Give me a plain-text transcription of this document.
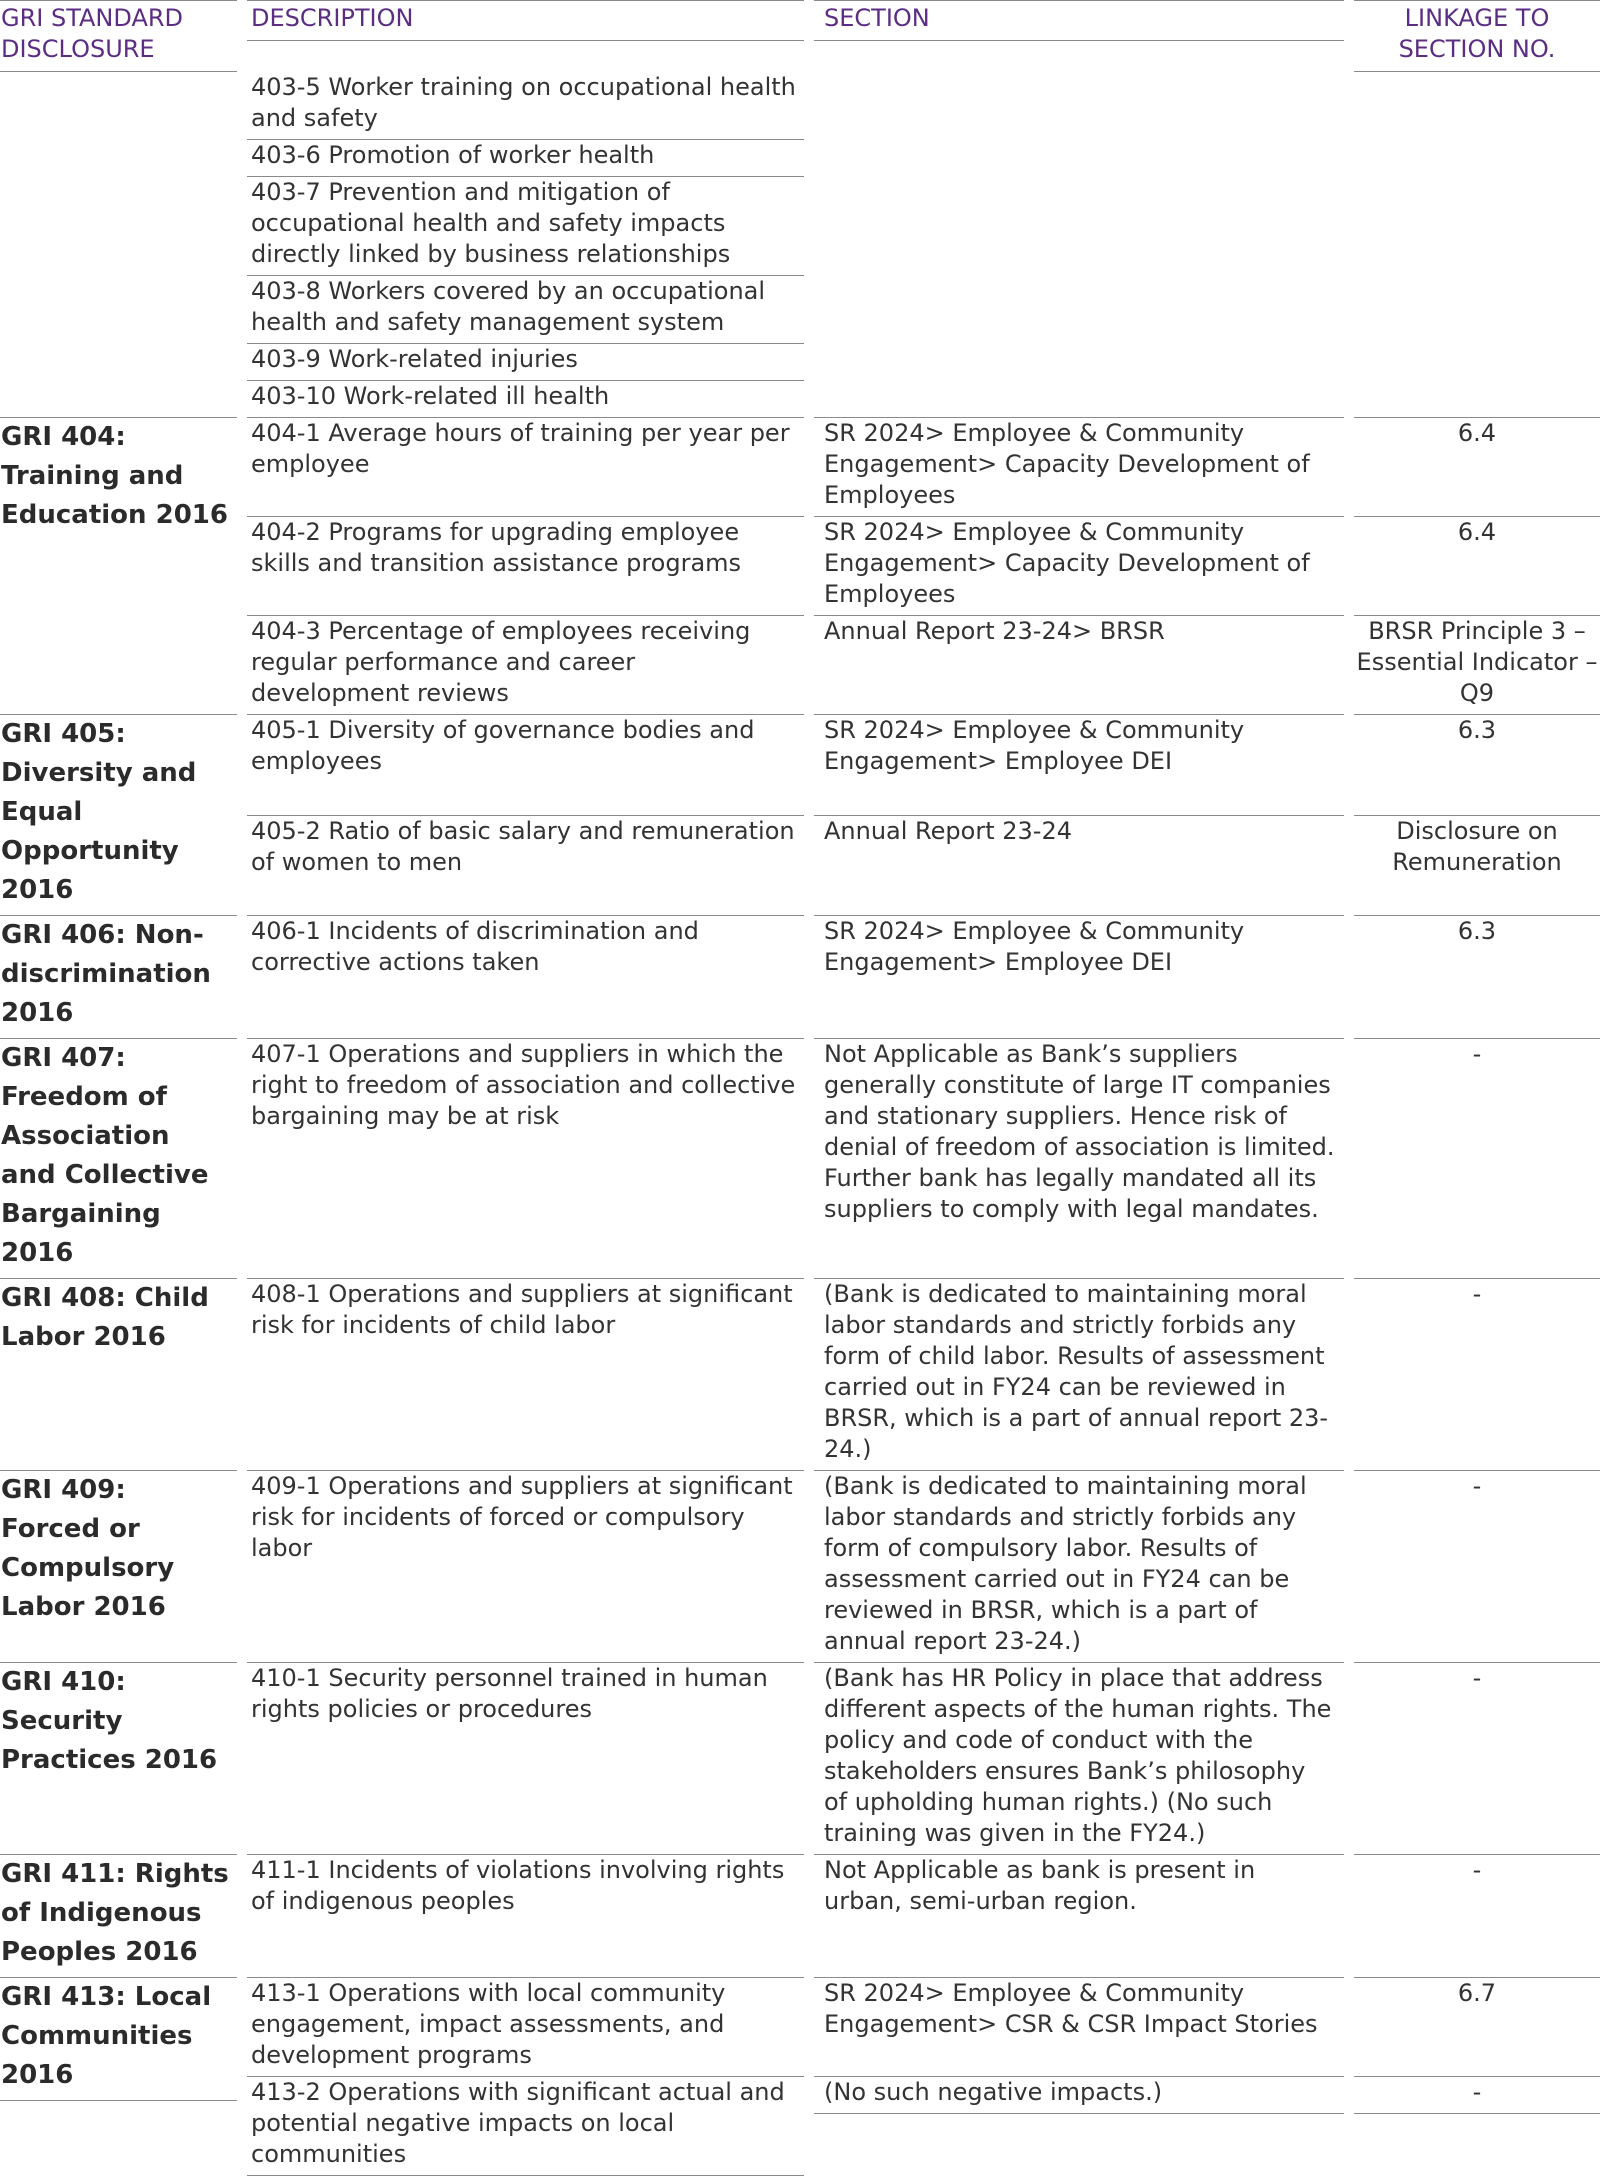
GRI STANDARD DISCLOSURE	DESCRIPTION	SECTION	LINKAGE TO SECTION NO.

	403-5 Worker training on occupational health and safety		

	403-6 Promotion of worker health		

	403-7 Prevention and mitigation of occupational health and safety impacts directly linked by business relationships		

	403-8 Workers covered by an occupational health and safety management system		

	403-9 Work-related injuries		

	403-10 Work-related ill health		

GRI 404: Training and Education 2016	404-1 Average hours of training per year per employee	SR 2024> Employee & Community Engagement> Capacity Development of Employees	6.4

	404-2 Programs for upgrading employee skills and transition assistance programs	SR 2024> Employee & Community Engagement> Capacity Development of Employees	6.4

	404-3 Percentage of employees receiving regular performance and career development reviews	Annual Report 23-24> BRSR	BRSR Principle 3 – Essential Indicator – Q9

GRI 405: Diversity and Equal Opportunity 2016	405-1 Diversity of governance bodies and employees	SR 2024> Employee & Community Engagement> Employee DEI	6.3

	405-2 Ratio of basic salary and remuneration of women to men	Annual Report 23-24	Disclosure on Remuneration

GRI 406: Non-discrimination 2016	406-1 Incidents of discrimination and corrective actions taken	SR 2024> Employee & Community Engagement> Employee DEI	6.3

GRI 407: Freedom of Association and Collective Bargaining 2016	407-1 Operations and suppliers in which the right to freedom of association and collective bargaining may be at risk	Not Applicable as Bank’s suppliers generally constitute of large IT companies and stationary suppliers. Hence risk of denial of freedom of association is limited. Further bank has legally mandated all its suppliers to comply with legal mandates.	-

GRI 408: Child Labor 2016	408-1 Operations and suppliers at significant risk for incidents of child labor	(Bank is dedicated to maintaining moral labor standards and strictly forbids any form of child labor. Results of assessment carried out in FY24 can be reviewed in BRSR, which is a part of annual report 23-24.)	-

GRI 409: Forced or Compulsory Labor 2016	409-1 Operations and suppliers at significant risk for incidents of forced or compulsory labor	(Bank is dedicated to maintaining moral labor standards and strictly forbids any form of compulsory labor. Results of assessment carried out in FY24 can be reviewed in BRSR, which is a part of annual report 23-24.)	-

GRI 410: Security Practices 2016	410-1 Security personnel trained in human rights policies or procedures	(Bank has HR Policy in place that address different aspects of the human rights. The policy and code of conduct with the stakeholders ensures Bank’s philosophy of upholding human rights.) (No such training was given in the FY24.)	-

GRI 411: Rights of Indigenous Peoples 2016	411-1 Incidents of violations involving rights of indigenous peoples	Not Applicable as bank is present in urban, semi-urban region.	-

GRI 413: Local Communities 2016	413-1 Operations with local community engagement, impact assessments, and development programs	SR 2024> Employee & Community Engagement> CSR & CSR Impact Stories	6.7

	413-2 Operations with significant actual and potential negative impacts on local communities	(No such negative impacts.)	-
